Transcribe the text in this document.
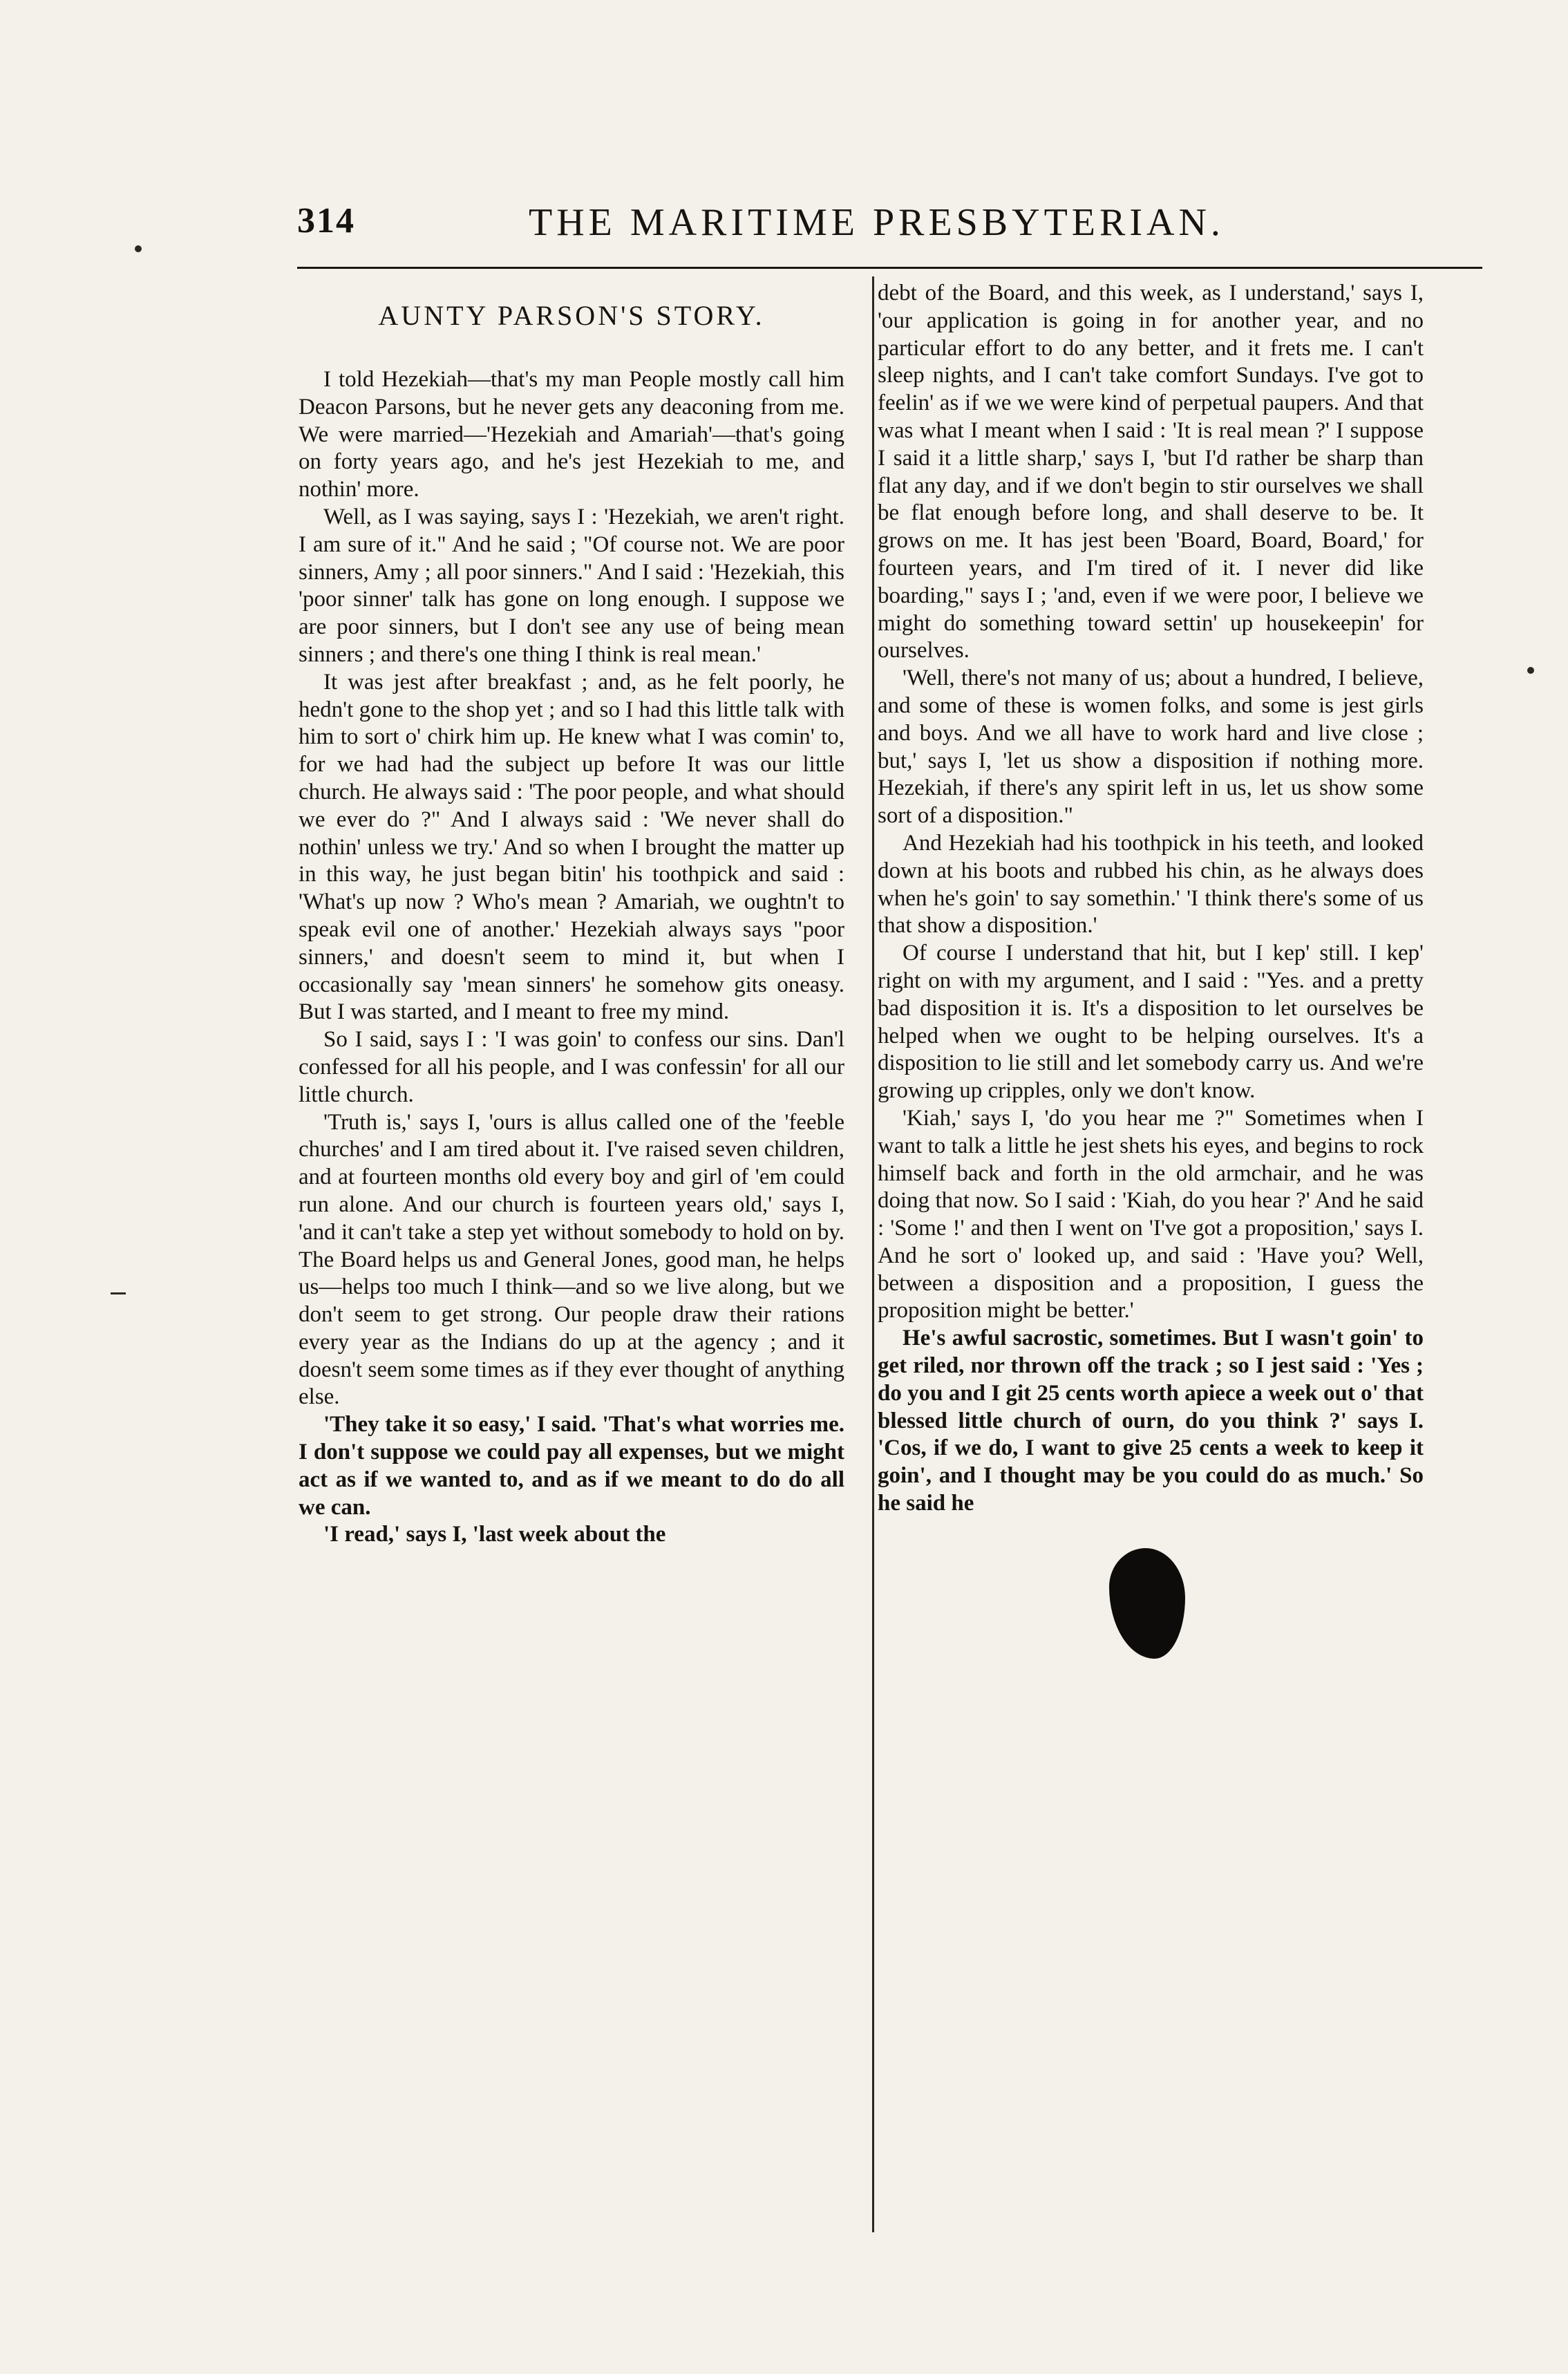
314	THE MARITIME PRESBYTERIAN.
AUNTY PARSON'S STORY.

I told Hezekiah—that's my man People mostly call him Deacon Parsons, but he never gets any deaconing from me. We were married—'Hezekiah and Amariah'—that's going on forty years ago, and he's jest Hezekiah to me, and nothin' more.

Well, as I was saying, says I : 'Hezekiah, we aren't right. I am sure of it." And he said ; "Of course not. We are poor sinners, Amy ; all poor sinners." And I said : 'Hezekiah, this 'poor sinner' talk has gone on long enough. I suppose we are poor sinners, but I don't see any use of being mean sinners ; and there's one thing I think is real mean.'

It was jest after breakfast ; and, as he felt poorly, he hedn't gone to the shop yet ; and so I had this little talk with him to sort o' chirk him up. He knew what I was comin' to, for we had had the subject up before It was our little church. He always said : 'The poor people, and what should we ever do ?" And I always said : 'We never shall do nothin' unless we try.' And so when I brought the matter up in this way, he just began bitin' his toothpick and said : 'What's up now ? Who's mean ? Amariah, we oughtn't to speak evil one of another.' Hezekiah always says "poor sinners,' and doesn't seem to mind it, but when I occasionally say 'mean sinners' he somehow gits oneasy. But I was started, and I meant to free my mind.

So I said, says I : 'I was goin' to confess our sins. Dan'l confessed for all his people, and I was confessin' for all our little church.

'Truth is,' says I, 'ours is allus called one of the 'feeble churches' and I am tired about it. I've raised seven children, and at fourteen months old every boy and girl of 'em could run alone. And our church is fourteen years old,' says I, 'and it can't take a step yet without somebody to hold on by. The Board helps us and General Jones, good man, he helps us—helps too much I think—and so we live along, but we don't seem to get strong. Our people draw their rations every year as the Indians do up at the agency ; and it doesn't seem some times as if they ever thought of anything else.

'They take it so easy,' I said. 'That's what worries me. I don't suppose we could pay all expenses, but we might act as if we wanted to, and as if we meant to do do all we can.

'I read,' says I, 'last week about the

debt of the Board, and this week, as I understand,' says I, 'our application is going in for another year, and no particular effort to do any better, and it frets me. I can't sleep nights, and I can't take comfort Sundays. I've got to feelin' as if we we were kind of perpetual paupers. And that was what I meant when I said : 'It is real mean ?' I suppose I said it a little sharp,' says I, 'but I'd rather be sharp than flat any day, and if we don't begin to stir ourselves we shall be flat enough before long, and shall deserve to be. It grows on me. It has jest been 'Board, Board, Board,' for fourteen years, and I'm tired of it. I never did like boarding," says I ; 'and, even if we were poor, I believe we might do something toward settin' up housekeepin' for ourselves.

'Well, there's not many of us; about a hundred, I believe, and some of these is women folks, and some is jest girls and boys. And we all have to work hard and live close ; but,' says I, 'let us show a disposition if nothing more. Hezekiah, if there's any spirit left in us, let us show some sort of a disposition."

And Hezekiah had his toothpick in his teeth, and looked down at his boots and rubbed his chin, as he always does when he's goin' to say somethin.' 'I think there's some of us that show a disposition.'

Of course I understand that hit, but I kep' still. I kep' right on with my argument, and I said : "Yes. and a pretty bad disposition it is. It's a disposition to let ourselves be helped when we ought to be helping ourselves. It's a disposition to lie still and let somebody carry us. And we're growing up cripples, only we don't know.

'Kiah,' says I, 'do you hear me ?" Sometimes when I want to talk a little he jest shets his eyes, and begins to rock himself back and forth in the old armchair, and he was doing that now. So I said : 'Kiah, do you hear ?' And he said : 'Some !' and then I went on 'I've got a proposition,' says I. And he sort o' looked up, and said : 'Have you? Well, between a disposition and a proposition, I guess the proposition might be better.'

He's awful sacrostic, sometimes. But I wasn't goin' to get riled, nor thrown off the track ; so I jest said : 'Yes ; do you and I git 25 cents worth apiece a week out o' that blessed little church of ourn, do you think ?' says I. 'Cos, if we do, I want to give 25 cents a week to keep it goin', and I thought may be you could do as much.' So he said he
